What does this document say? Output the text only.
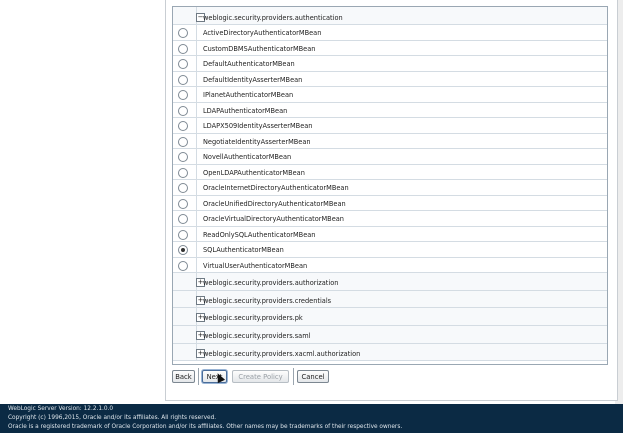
− weblogic.security.providers.authentication
ActiveDirectoryAuthenticatorMBean
CustomDBMSAuthenticatorMBean
DefaultAuthenticatorMBean
DefaultIdentityAsserterMBean
IPlanetAuthenticatorMBean
LDAPAuthenticatorMBean
LDAPX509IdentityAsserterMBean
NegotiateIdentityAsserterMBean
NovellAuthenticatorMBean
OpenLDAPAuthenticatorMBean
OracleInternetDirectoryAuthenticatorMBean
OracleUnifiedDirectoryAuthenticatorMBean
OracleVirtualDirectoryAuthenticatorMBean
ReadOnlySQLAuthenticatorMBean
SQLAuthenticatorMBean
VirtualUserAuthenticatorMBean
+ weblogic.security.providers.authorization
+ weblogic.security.providers.credentials
+ weblogic.security.providers.pk
+ weblogic.security.providers.saml
+ weblogic.security.providers.xacml.authorization
Back	Next	Create Policy	Cancel
WebLogic Server Version: 12.2.1.0.0
Copyright (c) 1996,2015, Oracle and/or its affiliates. All rights reserved.
Oracle is a registered trademark of Oracle Corporation and/or its affiliates. Other names may be trademarks of their respective owners.
